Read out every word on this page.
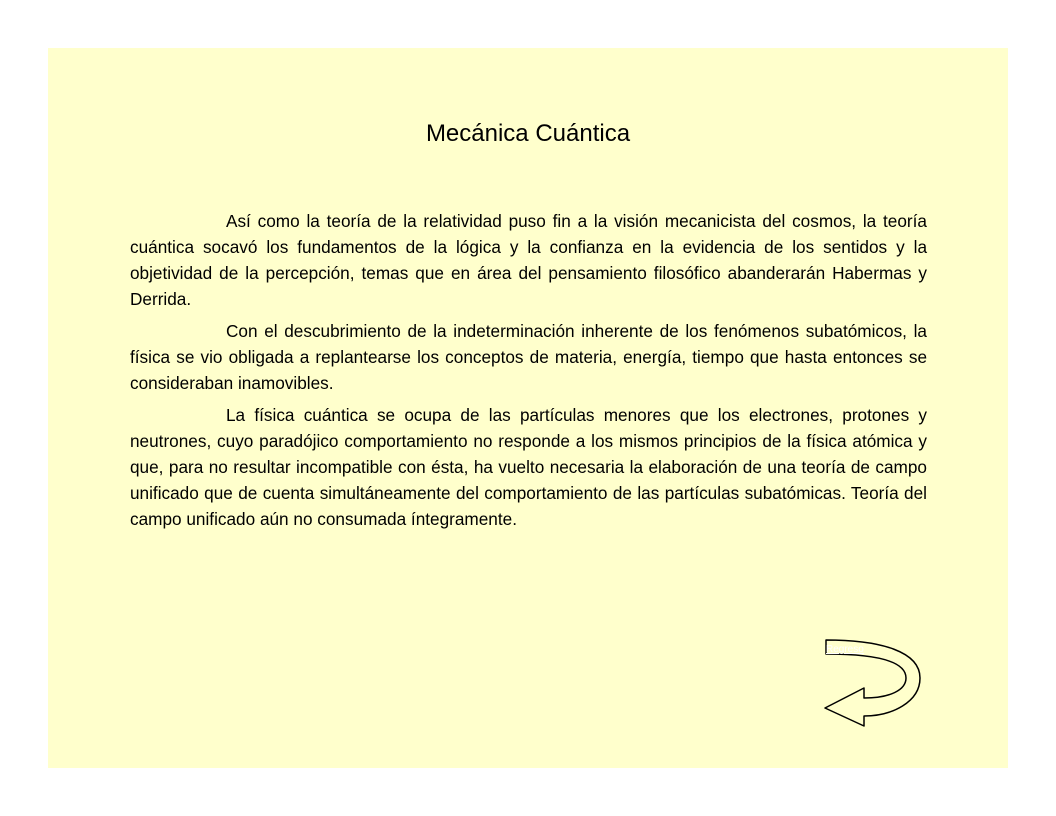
Mecánica Cuántica

Así como la teoría de la relatividad puso fin a la visión mecanicista del cosmos, la teoría cuántica socavó los fundamentos de la lógica y la confianza en la evidencia de los sentidos y la objetividad de la percepción, temas que en área del pensamiento filosófico abanderarán Habermas y Derrida.

Con el descubrimiento de la indeterminación inherente de los fenómenos subatómicos, la física se vio obligada a replantearse los conceptos de materia, energía, tiempo que hasta entonces se consideraban inamovibles.

La física cuántica se ocupa de las partículas menores que los electrones, protones y neutrones, cuyo paradójico comportamiento no responde a los mismos principios de la física atómica y que, para no resultar incompatible con ésta, ha vuelto necesaria la elaboración de una teoría de campo unificado que de cuenta simultáneamente del comportamiento de las partículas subatómicas. Teoría del campo unificado aún no consumada íntegramente.

Regreso
